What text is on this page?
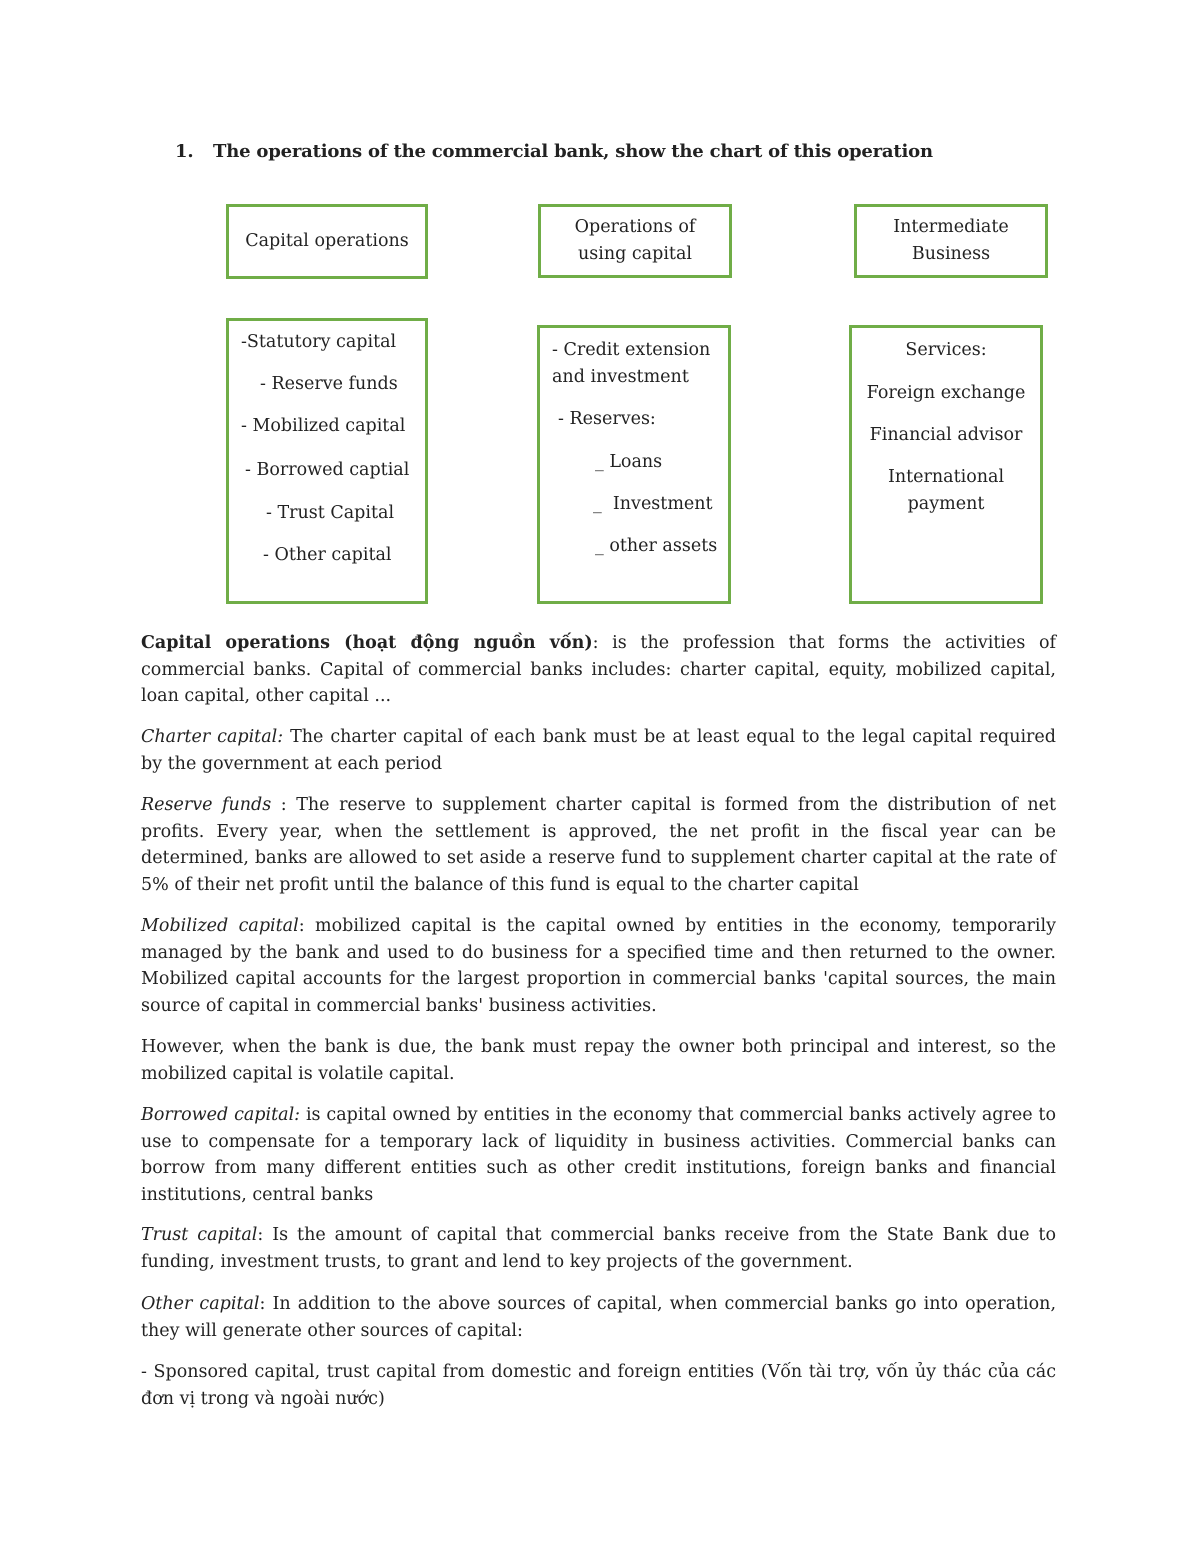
1. The operations of the commercial bank, show the chart of this operation
Capital operations
Operations of
using capital
Intermediate
Business
-Statutory capital
- Reserve funds
- Mobilized capital
- Borrowed captial
- Trust Capital
- Other capital
- Credit extension
and investment
- Reserves:
_ Loans
_  Investment
_ other assets
Services:
Foreign exchange
Financial advisor
International
payment

Capital operations (hoạt động nguồn vốn): is the profession that forms the activities of commercial banks. Capital of commercial banks includes: charter capital, equity, mobilized capital, loan capital, other capital ...

Charter capital: The charter capital of each bank must be at least equal to the legal capital required by the government at each period

Reserve funds : The reserve to supplement charter capital is formed from the distribution of net profits. Every year, when the settlement is approved, the net profit in the fiscal year can be determined, banks are allowed to set aside a reserve fund to supplement charter capital at the rate of 5% of their net profit until the balance of this fund is equal to the charter capital

Mobilized capital: mobilized capital is the capital owned by entities in the economy, temporarily managed by the bank and used to do business for a specified time and then returned to the owner. Mobilized capital accounts for the largest proportion in commercial banks 'capital sources, the main source of capital in commercial banks' business activities.

However, when the bank is due, the bank must repay the owner both principal and interest, so the mobilized capital is volatile capital.

Borrowed capital: is capital owned by entities in the economy that commercial banks actively agree to use to compensate for a temporary lack of liquidity in business activities. Commercial banks can borrow from many different entities such as other credit institutions, foreign banks and financial institutions, central banks

Trust capital: Is the amount of capital that commercial banks receive from the State Bank due to funding, investment trusts, to grant and lend to key projects of the government.

Other capital: In addition to the above sources of capital, when commercial banks go into operation, they will generate other sources of capital:

- Sponsored capital, trust capital from domestic and foreign entities (Vốn tài trợ, vốn ủy thác của các đơn vị trong và ngoài nước)
